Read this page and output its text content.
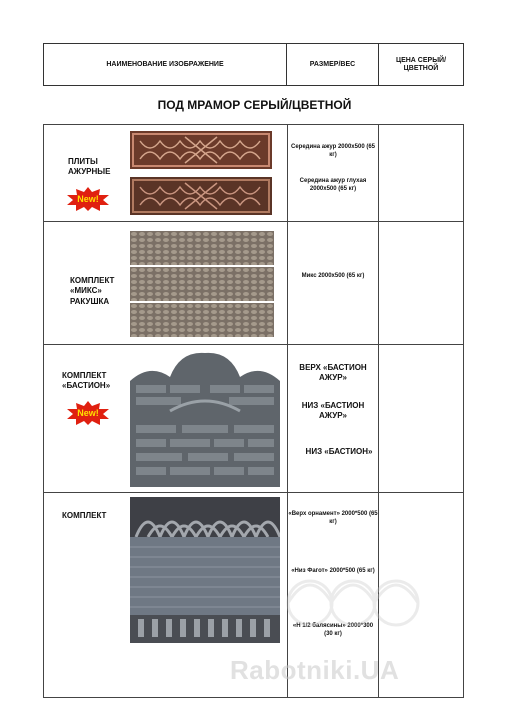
НАИМЕНОВАНИЕ ИЗОБРАЖЕНИЕ	РАЗМЕР/ВЕС
ЦЕНА СЕРЫЙ/ЦВЕТНОЙ
ПОД МРАМОР СЕРЫЙ/ЦВЕТНОЙ
ПЛИТЫ АЖУРНЫЕ
New!
Середина ажур 2000х500 (65 кг)
Середина ажур глухая 2000х500 (65 кг)
КОМПЛЕКТ «МИКС»
РАКУШКА
Микс 2000х500 (65 кг)
КОМПЛЕКТ «БАСТИОН»
New!
ВЕРХ «БАСТИОН АЖУР»
НИЗ «БАСТИОН АЖУР»
НИЗ «БАСТИОН»
КОМПЛЕКТ	«Верх орнамент» 2000*500 (65 кг)
«Низ Фагот» 2000*500 (65 кг)
«Н 1/2 балясины» 2000*300 (30 кг)
Rabotniki.UA
